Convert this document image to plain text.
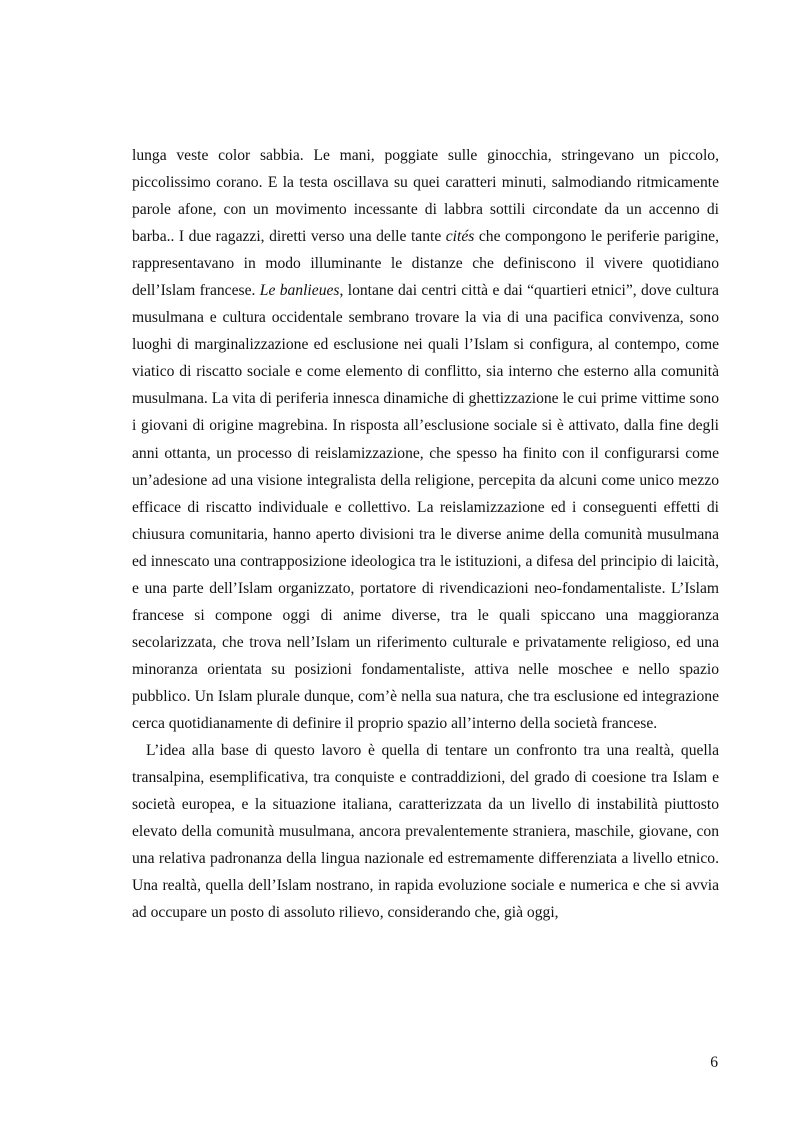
lunga veste color sabbia. Le mani, poggiate sulle ginocchia, stringevano un piccolo, piccolissimo corano. E la testa oscillava su quei caratteri minuti, salmodiando ritmicamente parole afone, con un movimento incessante di labbra sottili circondate da un accenno di barba.. I due ragazzi, diretti verso una delle tante cités che compongono le periferie parigine, rappresentavano in modo illuminante le distanze che definiscono il vivere quotidiano dell’Islam francese. Le banlieues, lontane dai centri città e dai “quartieri etnici”, dove cultura musulmana e cultura occidentale sembrano trovare la via di una pacifica convivenza, sono luoghi di marginalizzazione ed esclusione nei quali l’Islam si configura, al contempo, come viatico di riscatto sociale e come elemento di conflitto, sia interno che esterno alla comunità musulmana. La vita di periferia innesca dinamiche di ghettizzazione le cui prime vittime sono i giovani di origine magrebina. In risposta all’esclusione sociale si è attivato, dalla fine degli anni ottanta, un processo di reislamizzazione, che spesso ha finito con il configurarsi come un’adesione ad una visione integralista della religione, percepita da alcuni come unico mezzo efficace di riscatto individuale e collettivo. La reislamizzazione ed i conseguenti effetti di chiusura comunitaria, hanno aperto divisioni tra le diverse anime della comunità musulmana ed innescato una contrapposizione ideologica tra le istituzioni, a difesa del principio di laicità, e una parte dell’Islam organizzato, portatore di rivendicazioni neo-fondamentaliste. L’Islam francese si compone oggi di anime diverse, tra le quali spiccano una maggioranza secolarizzata, che trova nell’Islam un riferimento culturale e privatamente religioso, ed una minoranza orientata su posizioni fondamentaliste, attiva nelle moschee e nello spazio pubblico. Un Islam plurale dunque, com’è nella sua natura, che tra esclusione ed integrazione cerca quotidianamente di definire il proprio spazio all’interno della società francese.

L’idea alla base di questo lavoro è quella di tentare un confronto tra una realtà, quella transalpina, esemplificativa, tra conquiste e contraddizioni, del grado di coesione tra Islam e società europea, e la situazione italiana, caratterizzata da un livello di instabilità piuttosto elevato della comunità musulmana, ancora prevalentemente straniera, maschile, giovane, con una relativa padronanza della lingua nazionale ed estremamente differenziata a livello etnico. Una realtà, quella dell’Islam nostrano, in rapida evoluzione sociale e numerica e che si avvia ad occupare un posto di assoluto rilievo, considerando che, già oggi,

6
